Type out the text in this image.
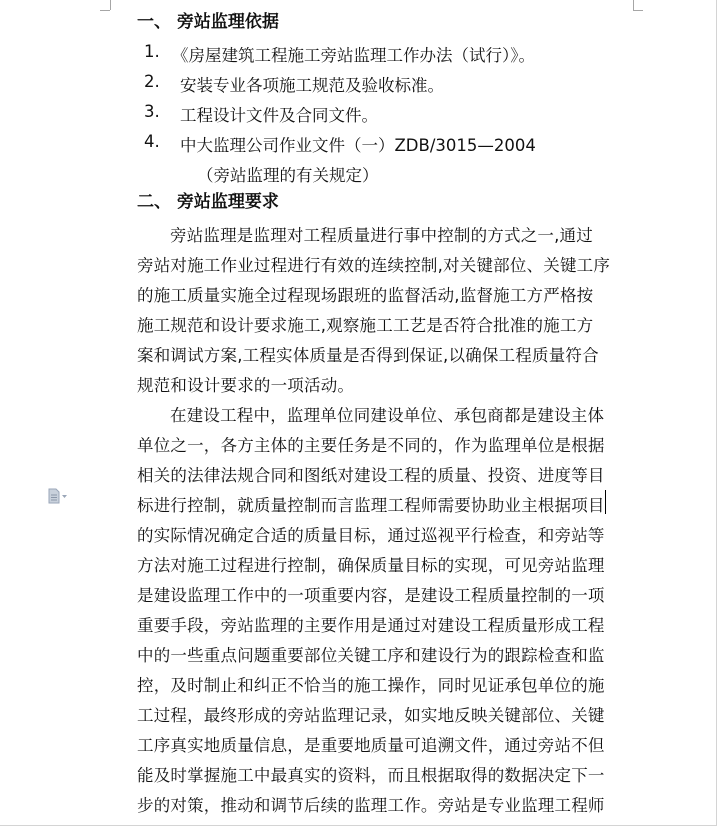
一、 旁站监理依据
1. 《房屋建筑工程施工旁站监理工作办法（试行）》。
2. 安装专业各项施工规范及验收标准。
3. 工程设计文件及合同文件。
4. 中大监理公司作业文件（一）ZDB/3015—2004
（旁站监理的有关规定）
二、 旁站监理要求
旁站监理是监理对工程质量进行事中控制的方式之一,通过
旁站对施工作业过程进行有效的连续控制,对关键部位、关键工序
的施工质量实施全过程现场跟班的监督活动,监督施工方严格按
施工规范和设计要求施工,观察施工工艺是否符合批准的施工方
案和调试方案,工程实体质量是否得到保证,以确保工程质量符合
规范和设计要求的一项活动。
在建设工程中，监理单位同建设单位、承包商都是建设主体
单位之一，各方主体的主要任务是不同的，作为监理单位是根据
相关的法律法规合同和图纸对建设工程的质量、投资、进度等目
标进行控制，就质量控制而言监理工程师需要协助业主根据项目
的实际情况确定合适的质量目标，通过巡视平行检查，和旁站等
方法对施工过程进行控制，确保质量目标的实现，可见旁站监理
是建设监理工作中的一项重要内容，是建设工程质量控制的一项
重要手段，旁站监理的主要作用是通过对建设工程质量形成工程
中的一些重点问题重要部位关键工序和建设行为的跟踪检查和监
控，及时制止和纠正不恰当的施工操作，同时见证承包单位的施
工过程，最终形成的旁站监理记录，如实地反映关键部位、关键
工序真实地质量信息，是重要地质量可追溯文件，通过旁站不但
能及时掌握施工中最真实的资料，而且根据取得的数据决定下一
步的对策，推动和调节后续的监理工作。旁站是专业监理工程师
